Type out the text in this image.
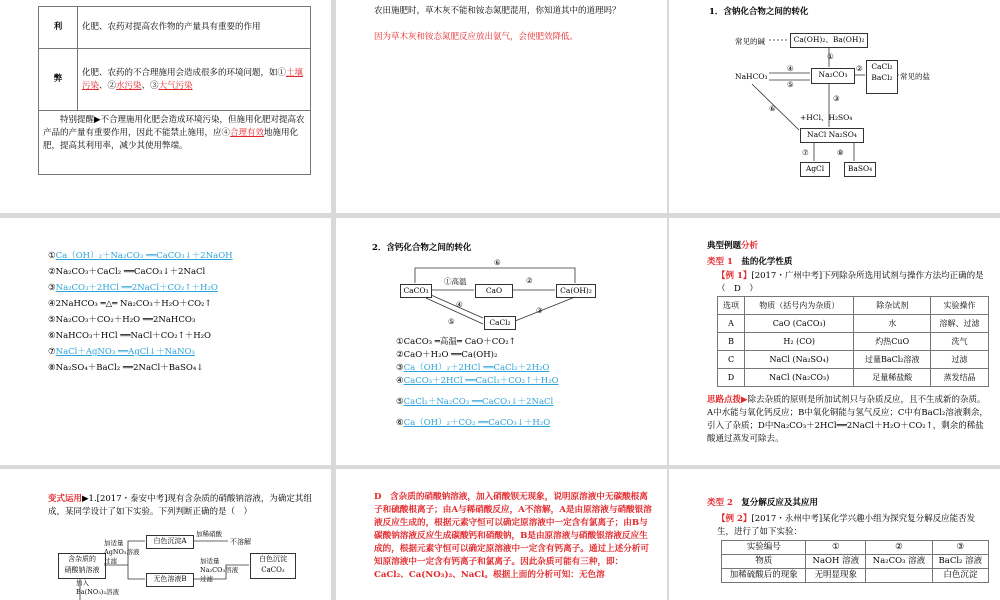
利	化肥、农药对提高农作物的产量具有重要的作用
弊	化肥、农药的不合理施用会造成很多的环境问题，如①土壤污染、②水污染、③大气污染
特别提醒▶不合理施用化肥会造成环境污染，但施用化肥对提高农产品的产量有重要作用，因此不能禁止施用，应④合理有效地施用化肥，提高其利用率，减少其使用弊端。	
农田施肥时，草木灰不能和铵态氮肥混用，你知道其中的道理吗？
因为草木灰和铵态氮肥反应放出氨气，会使肥效降低。
1．含钠化合物之间的转化
常见的碱	Ca(OH)₂、Ba(OH)₂
Na₂CO₃
CaCl₂
BaCl₂ 常见的盐
NaHCO₃
+HCl、H₂SO₄
NaCl Na₂SO₄
AgCl	BaSO₄
①
②
③
④
⑤
⑥
⑦	⑧
①Ca（OH）₂＋Na₂CO₃ ══CaCO₃↓＋2NaOH
②Na₂CO₃＋CaCl₂ ══CaCO₃↓＋2NaCl
③Na₂CO₃＋2HCl ══2NaCl＋CO₂↑＋H₂O
④2NaHCO₃ ═△═ Na₂CO₃＋H₂O＋CO₂↑
⑤Na₂CO₃＋CO₂＋H₂O ══2NaHCO₃
⑥NaHCO₃＋HCl ══NaCl＋CO₂↑＋H₂O
⑦NaCl＋AgNO₃ ══AgCl↓＋NaNO₃
⑧Na₂SO₄＋BaCl₂ ══2NaCl＋BaSO₄↓
2．含钙化合物之间的转化
CaCO₃	CaO	Ca(OH)₂
CaCl₂
①高温	②
③
④
⑤
⑥
①CaCO₃ ═高温═ CaO＋CO₂↑
②CaO＋H₂O ══Ca(OH)₂
③Ca（OH）₂＋2HCl ══CaCl₂＋2H₂O
④CaCO₃＋2HCl ══CaCl₂＋CO₂↑＋H₂O
⑤CaCl₂＋Na₂CO₃ ══CaCO₃↓＋2NaCl
⑥Ca（OH）₂＋CO₂ ══CaCO₃↓＋H₂O
典型例题分析
类型 1　 盐的化学性质
【例 1】[2017・广州中考]下列除杂所选用试剂与操作方法均正确的是（　D　）
选项	物质（括号内为杂质）	除杂试剂	实验操作
A	CaO (CaCO₃)	水	溶解、过滤
B	H₂ (CO)	灼热CuO	洗气
C	NaCl (Na₂SO₄)	过量BaCl₂溶液	过滤
D	NaCl (Na₂CO₃)	足量稀盐酸	蒸发结晶
思路点拨▶除去杂质的原则是所加试剂只与杂质反应，且不生成新的杂质。A中水能与氧化钙反应；B中氧化铜能与氢气反应；C中有BaCl₂溶液剩余，引入了杂质；D中Na₂CO₃＋2HCl══2NaCl＋H₂O＋CO₂↑，剩余的稀盐酸通过蒸发可除去。
变式运用▶1.[2017・泰安中考]现有含杂质的硝酸钠溶液，为确定其组成，某同学设计了如下实验。下列判断正确的是（　）
含杂质的
硝酸钠溶液
白色沉淀A	不溶解
无色溶液B
白色沉淀
CaCO₃
加适量
AgNO₃溶液
过滤
加稀硝酸
加入
Ba(NO₃)₂溶液
加适量
Na₂CO₃溶液
过滤
D　含杂质的硝酸钠溶液，加入硝酸钡无现象，说明原溶液中无碳酸根离子和硫酸根离子；由A与稀硝酸反应，A不溶解，A是由原溶液与硝酸银溶液反应生成的，根据元素守恒可以确定原溶液中一定含有氯离子；由B与碳酸钠溶液反应生成碳酸钙和硝酸钠，B是由原溶液与硝酸银溶液反应生成的，根据元素守恒可以确定原溶液中一定含有钙离子。通过上述分析可知原溶液中一定含有钙离子和氯离子。因此杂质可能有三种，即：CaCl₂、Ca(NO₃)₂、NaCl。根据上面的分析可知：无色溶
类型 2　 复分解反应及其应用
【例 2】[2017・永州中考]某化学兴趣小组为探究复分解反应能否发生，进行了如下实验：
实验编号	①	②	③
物质	NaOH 溶液	Na₂CO₃ 溶液	BaCl₂ 溶液
加稀硫酸后的现象	无明显现象		白色沉淀
